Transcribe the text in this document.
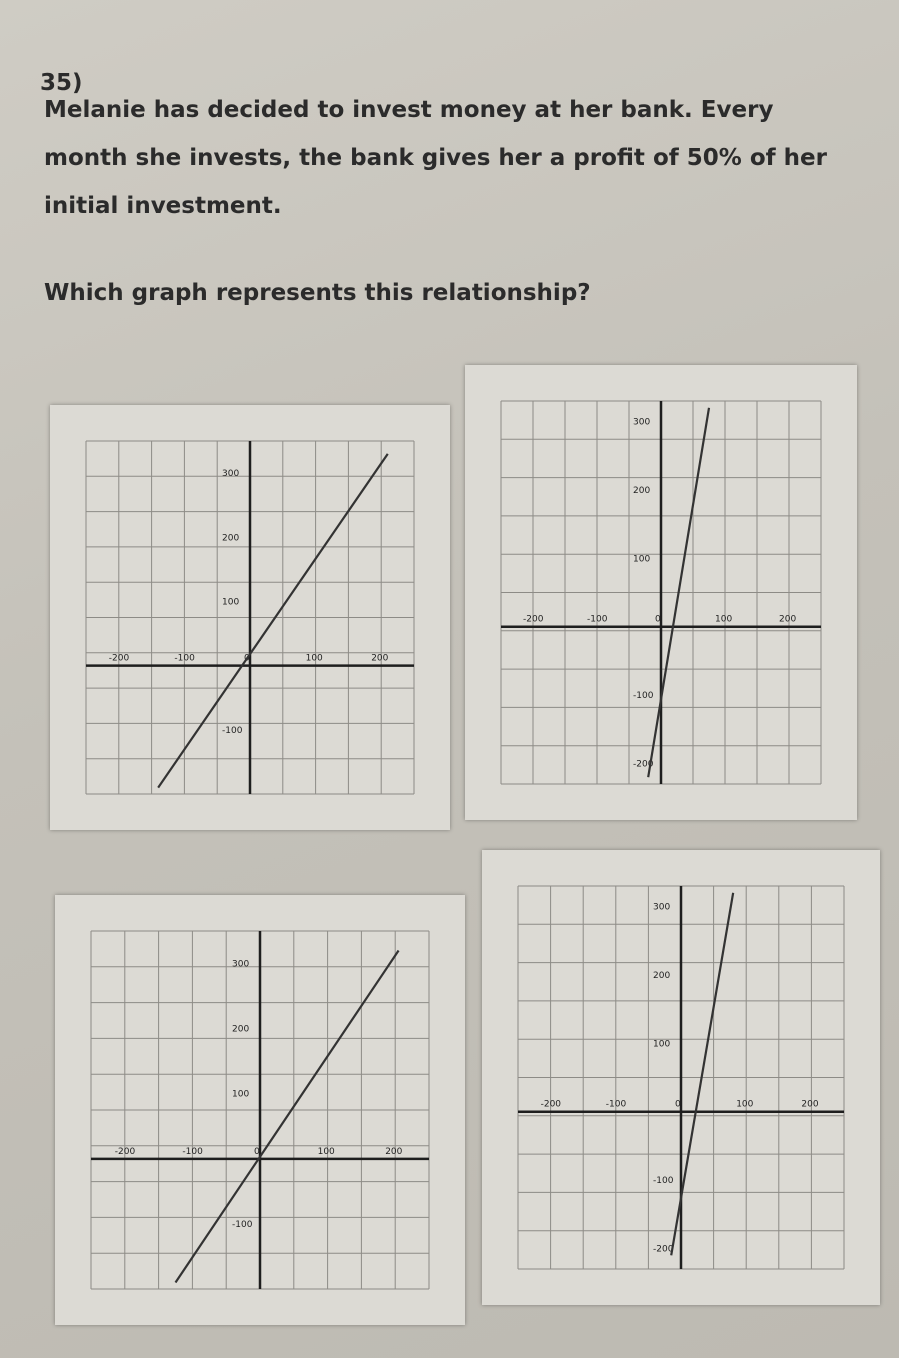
35)
Melanie has decided to invest money at her bank. Every month she invests, the bank gives her a profit of 50% of her initial investment.
Which graph represents this relationship?
-200	-100	0	100	200
-100
100
200
300
-200	-100	0	100	200
-200
-100
100
200
300
-200	-100	0	100	200
-100
100
200
300
-200	-100	0	100	200
-200
-100
100
200
300
